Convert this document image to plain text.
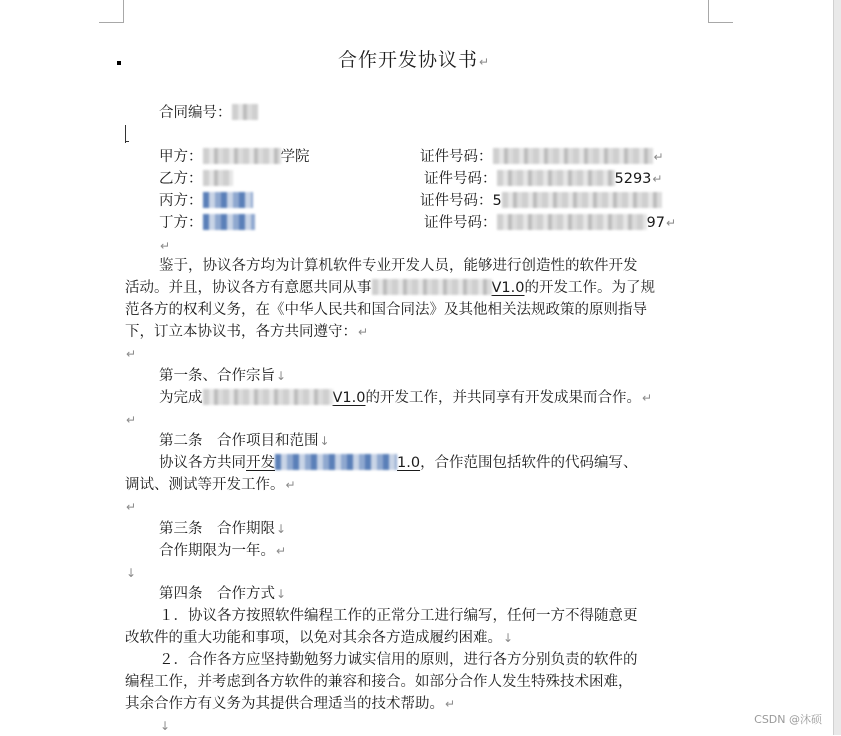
合作开发协议书↵
合同编号：
甲方：	学院	证件号码：	↵
乙方：	证件号码：	5293↵
丙方：	证件号码：5
丁方：	证件号码：	97↵
↵
鉴于，协议各方均为计算机软件专业开发人员，能够进行创造性的软件开发
活动。并且，协议各方有意愿共同从事	V1.0的开发工作。为了规
范各方的权利义务，在《中华人民共和国合同法》及其他相关法规政策的原则指导
下，订立本协议书，各方共同遵守：↵
↵
第一条、合作宗旨↓
为完成	V1.0的开发工作，并共同享有开发成果而合作。↵
↵
第二条　合作项目和范围↓
协议各方共同开发	1.0，合作范围包括软件的代码编写、
调试、测试等开发工作。↵
↵
第三条　合作期限↓
合作期限为一年。↵
↓
第四条　合作方式↓
１．协议各方按照软件编程工作的正常分工进行编写，任何一方不得随意更
改软件的重大功能和事项，以免对其余各方造成履约困难。↓
２．合作各方应坚持勤勉努力诚实信用的原则，进行各方分别负责的软件的
编程工作，并考虑到各方软件的兼容和接合。如部分合作人发生特殊技术困难，
其余合作方有义务为其提供合理适当的技术帮助。↵
↓	CSDN @沐硕
